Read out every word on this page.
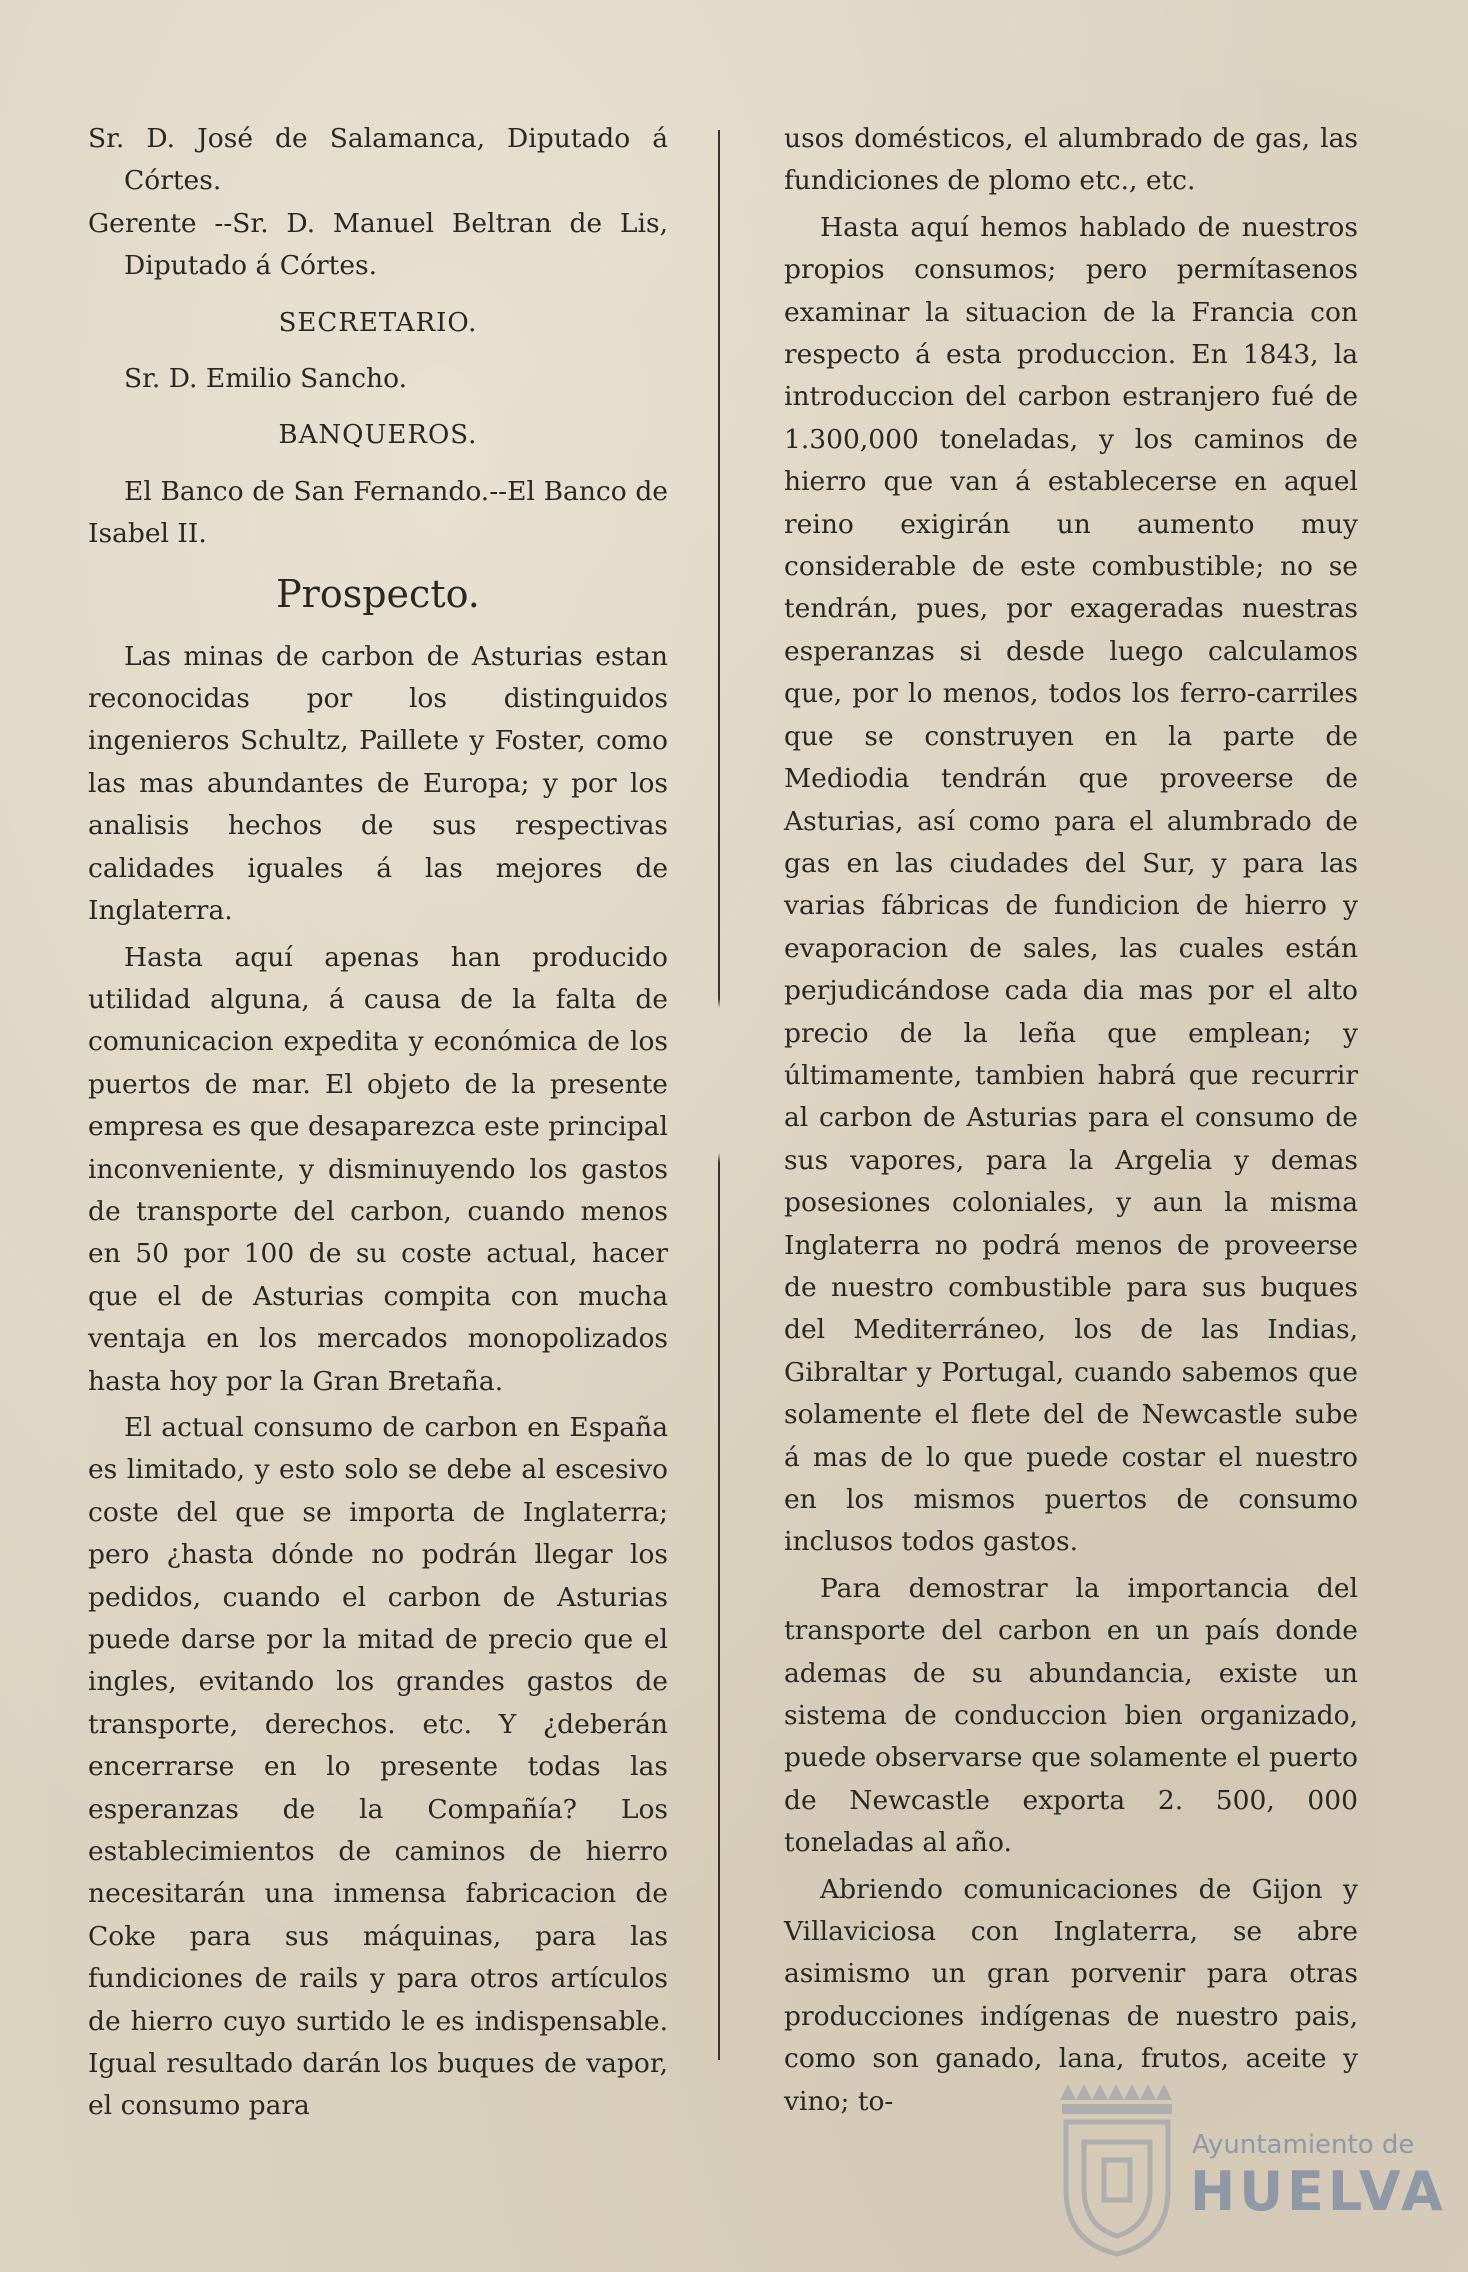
Sr. D. José de Salamanca, Diputado á Córtes.

Gerente --Sr. D. Manuel Beltran de Lis, Diputado á Córtes.

SECRETARIO.

Sr. D. Emilio Sancho.

BANQUEROS.

El Banco de San Fernando.--El Banco de Isabel II.

Prospecto.

Las minas de carbon de Asturias estan reconocidas por los distinguidos ingenieros Schultz, Paillete y Foster, como las mas abundantes de Europa; y por los analisis hechos de sus respectivas calidades iguales á las mejores de Inglaterra.

Hasta aquí apenas han producido utilidad alguna, á causa de la falta de comunicacion expedita y económica de los puertos de mar. El objeto de la presente empresa es que desaparezca este principal inconveniente, y disminuyendo los gastos de transporte del carbon, cuando menos en 50 por 100 de su coste actual, hacer que el de Asturias compita con mucha ventaja en los mercados monopolizados hasta hoy por la Gran Bretaña.

El actual consumo de carbon en España es limitado, y esto solo se debe al escesivo coste del que se importa de Inglaterra; pero ¿hasta dónde no podrán llegar los pedidos, cuando el carbon de Asturias puede darse por la mitad de precio que el ingles, evitando los grandes gastos de transporte, derechos. etc. Y ¿deberán encerrarse en lo presente todas las esperanzas de la Compañía? Los establecimientos de caminos de hierro necesitarán una inmensa fabricacion de Coke para sus máquinas, para las fundiciones de rails y para otros artículos de hierro cuyo surtido le es indispensable. Igual resultado darán los buques de vapor, el consumo para

usos domésticos, el alumbrado de gas, las fundiciones de plomo etc., etc.

Hasta aquí hemos hablado de nuestros propios consumos; pero permítasenos examinar la situacion de la Francia con respecto á esta produccion. En 1843, la introduccion del carbon estranjero fué de 1.300,000 toneladas, y los caminos de hierro que van á establecerse en aquel reino exigirán un aumento muy considerable de este combustible; no se tendrán, pues, por exageradas nuestras esperanzas si desde luego calculamos que, por lo menos, todos los ferro-carriles que se construyen en la parte de Mediodia tendrán que proveerse de Asturias, así como para el alumbrado de gas en las ciudades del Sur, y para las varias fábricas de fundicion de hierro y evaporacion de sales, las cuales están perjudicándose cada dia mas por el alto precio de la leña que emplean; y últimamente, tambien habrá que recurrir al carbon de Asturias para el consumo de sus vapores, para la Argelia y demas posesiones coloniales, y aun la misma Inglaterra no podrá menos de proveerse de nuestro combustible para sus buques del Mediterráneo, los de las Indias, Gibraltar y Portugal, cuando sabemos que solamente el flete del de Newcastle sube á mas de lo que puede costar el nuestro en los mismos puertos de consumo inclusos todos gastos.

Para demostrar la importancia del transporte del carbon en un país donde ademas de su abundancia, existe un sistema de conduccion bien organizado, puede observarse que solamente el puerto de Newcastle exporta 2. 500, 000 toneladas al año.

Abriendo comunicaciones de Gijon y Villaviciosa con Inglaterra, se abre asimismo un gran porvenir para otras producciones indígenas de nuestro pais, como son ganado, lana, frutos, aceite y vino; to-

Ayuntamiento de
HUELVA
